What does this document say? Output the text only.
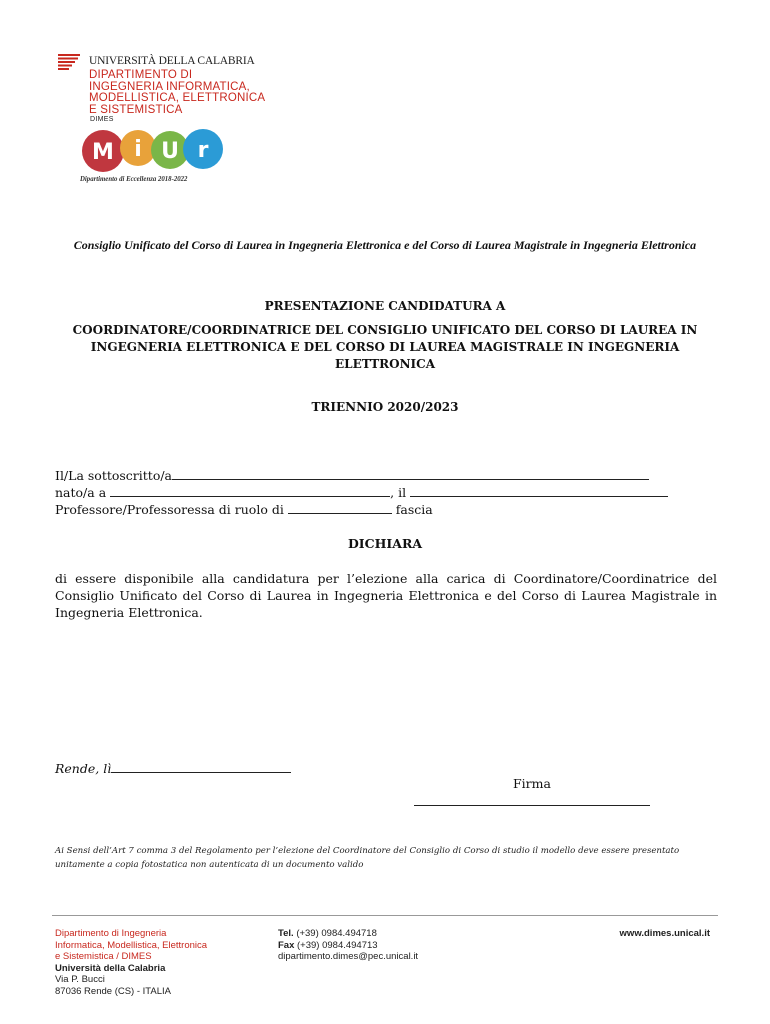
UNIVERSITÀ DELLA CALABRIA
DIPARTIMENTO DI
INGEGNERIA INFORMATICA,
MODELLISTICA, ELETTRONICA
E SISTEMISTICA
DIMES
M i U r
Dipartimento di Eccellenza 2018-2022
Consiglio Unificato del Corso di Laurea in Ingegneria Elettronica e del Corso di Laurea Magistrale in Ingegneria Elettronica
PRESENTAZIONE CANDIDATURA A
COORDINATORE/COORDINATRICE DEL CONSIGLIO UNIFICATO DEL CORSO DI LAUREA IN INGEGNERIA ELETTRONICA E DEL CORSO DI LAUREA MAGISTRALE IN INGEGNERIA ELETTRONICA
TRIENNIO 2020/2023
Il/La sottoscritto/a
nato/a a	, il
Professore/Professoressa di ruolo di	fascia
DICHIARA
di essere disponibile alla candidatura per l’elezione alla carica di Coordinatore/Coordinatrice del Consiglio Unificato del Corso di Laurea in Ingegneria Elettronica e del Corso di Laurea Magistrale in Ingegneria Elettronica.
Rende, lì
Firma
Ai Sensi dell’Art 7 comma 3 del Regolamento per l’elezione del Coordinatore del Consiglio di Corso di studio il modello deve essere presentato unitamente a copia fotostatica non autenticata di un documento valido
Dipartimento di Ingegneria
Informatica, Modellistica, Elettronica
e Sistemistica / DIMES
Università della Calabria
Via P. Bucci
87036 Rende (CS) - ITALIA
Tel. (+39) 0984.494718
Fax (+39) 0984.494713
dipartimento.dimes@pec.unical.it
www.dimes.unical.it
